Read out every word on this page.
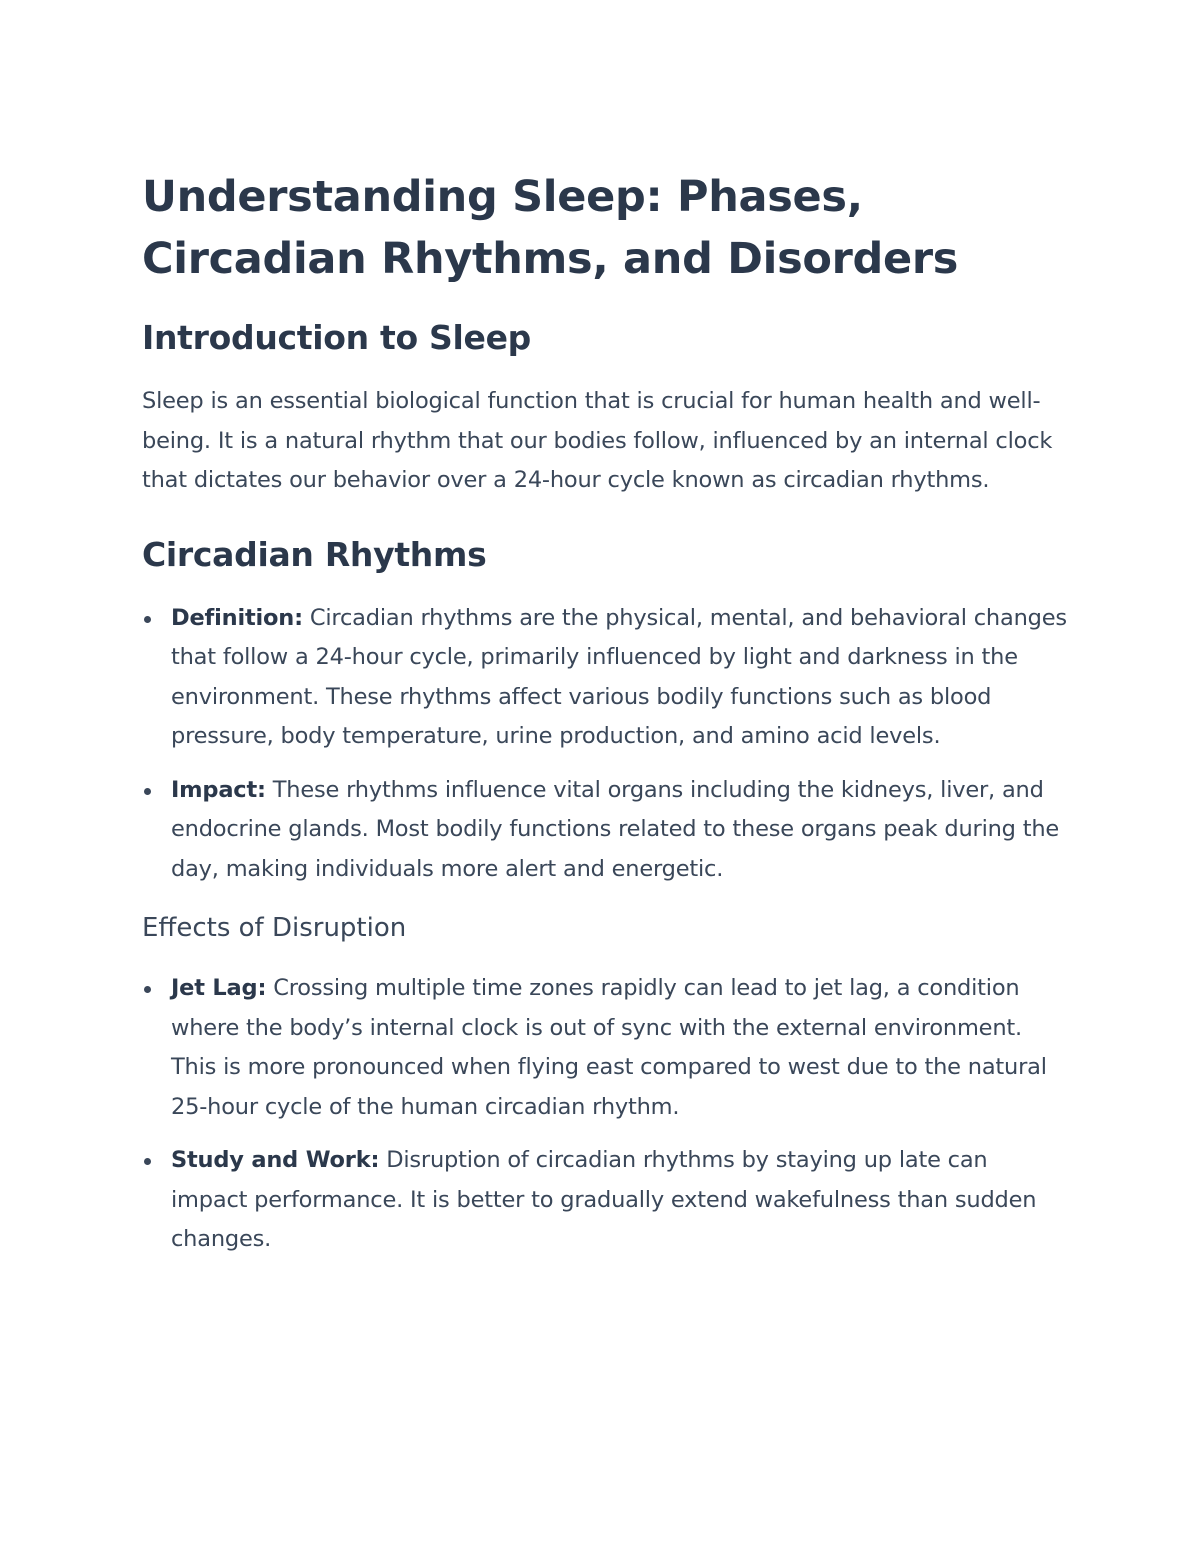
Understanding Sleep: Phases, Circadian Rhythms, and Disorders
Introduction to Sleep

Sleep is an essential biological function that is crucial for human health and well-being. It is a natural rhythm that our bodies follow, influenced by an internal clock that dictates our behavior over a 24-hour cycle known as circadian rhythms.

Circadian Rhythms
Definition: Circadian rhythms are the physical, mental, and behavioral changes that follow a 24-hour cycle, primarily influenced by light and darkness in the environment. These rhythms affect various bodily functions such as blood pressure, body temperature, urine production, and amino acid levels.
Impact: These rhythms influence vital organs including the kidneys, liver, and endocrine glands. Most bodily functions related to these organs peak during the day, making individuals more alert and energetic.
Effects of Disruption
Jet Lag: Crossing multiple time zones rapidly can lead to jet lag, a condition where the body’s internal clock is out of sync with the external environment. This is more pronounced when flying east compared to west due to the natural 25-hour cycle of the human circadian rhythm.
Study and Work: Disruption of circadian rhythms by staying up late can impact performance. It is better to gradually extend wakefulness than sudden changes.
